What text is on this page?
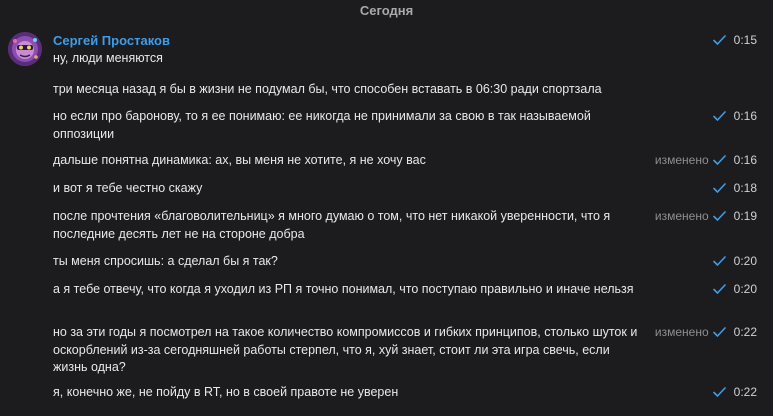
Сегодня
Сергей Простаков
ну, люди меняются
0:15
три месяца назад я бы в жизни не подумал бы, что способен вставать в 06:30 ради спортзала
но если про баронову, то я ее понимаю: ее никогда не принимали за свою в так называемой оппозиции
0:16
дальше понятна динамика: ах, вы меня не хотите, я не хочу вас	изменено 0:16
и вот я тебе честно скажу	0:18
после прочтения «благоволительниц» я много думаю о том, что нет никакой уверенности, что я последние десять лет не на стороне добра
изменено 0:19
ты меня спросишь: а сделал бы я так?	0:20
а я тебе отвечу, что когда я уходил из РП я точно понимал, что поступаю правильно и иначе нельзя	0:20
но за эти годы я посмотрел на такое количество компромиссов и гибких принципов, столько шуток и оскорблений из-за сегодняшней работы стерпел, что я, хуй знает, стоит ли эта игра свечь, если жизнь одна?
изменено 0:22
я, конечно же, не пойду в RT, но в своей правоте не уверен	0:22
